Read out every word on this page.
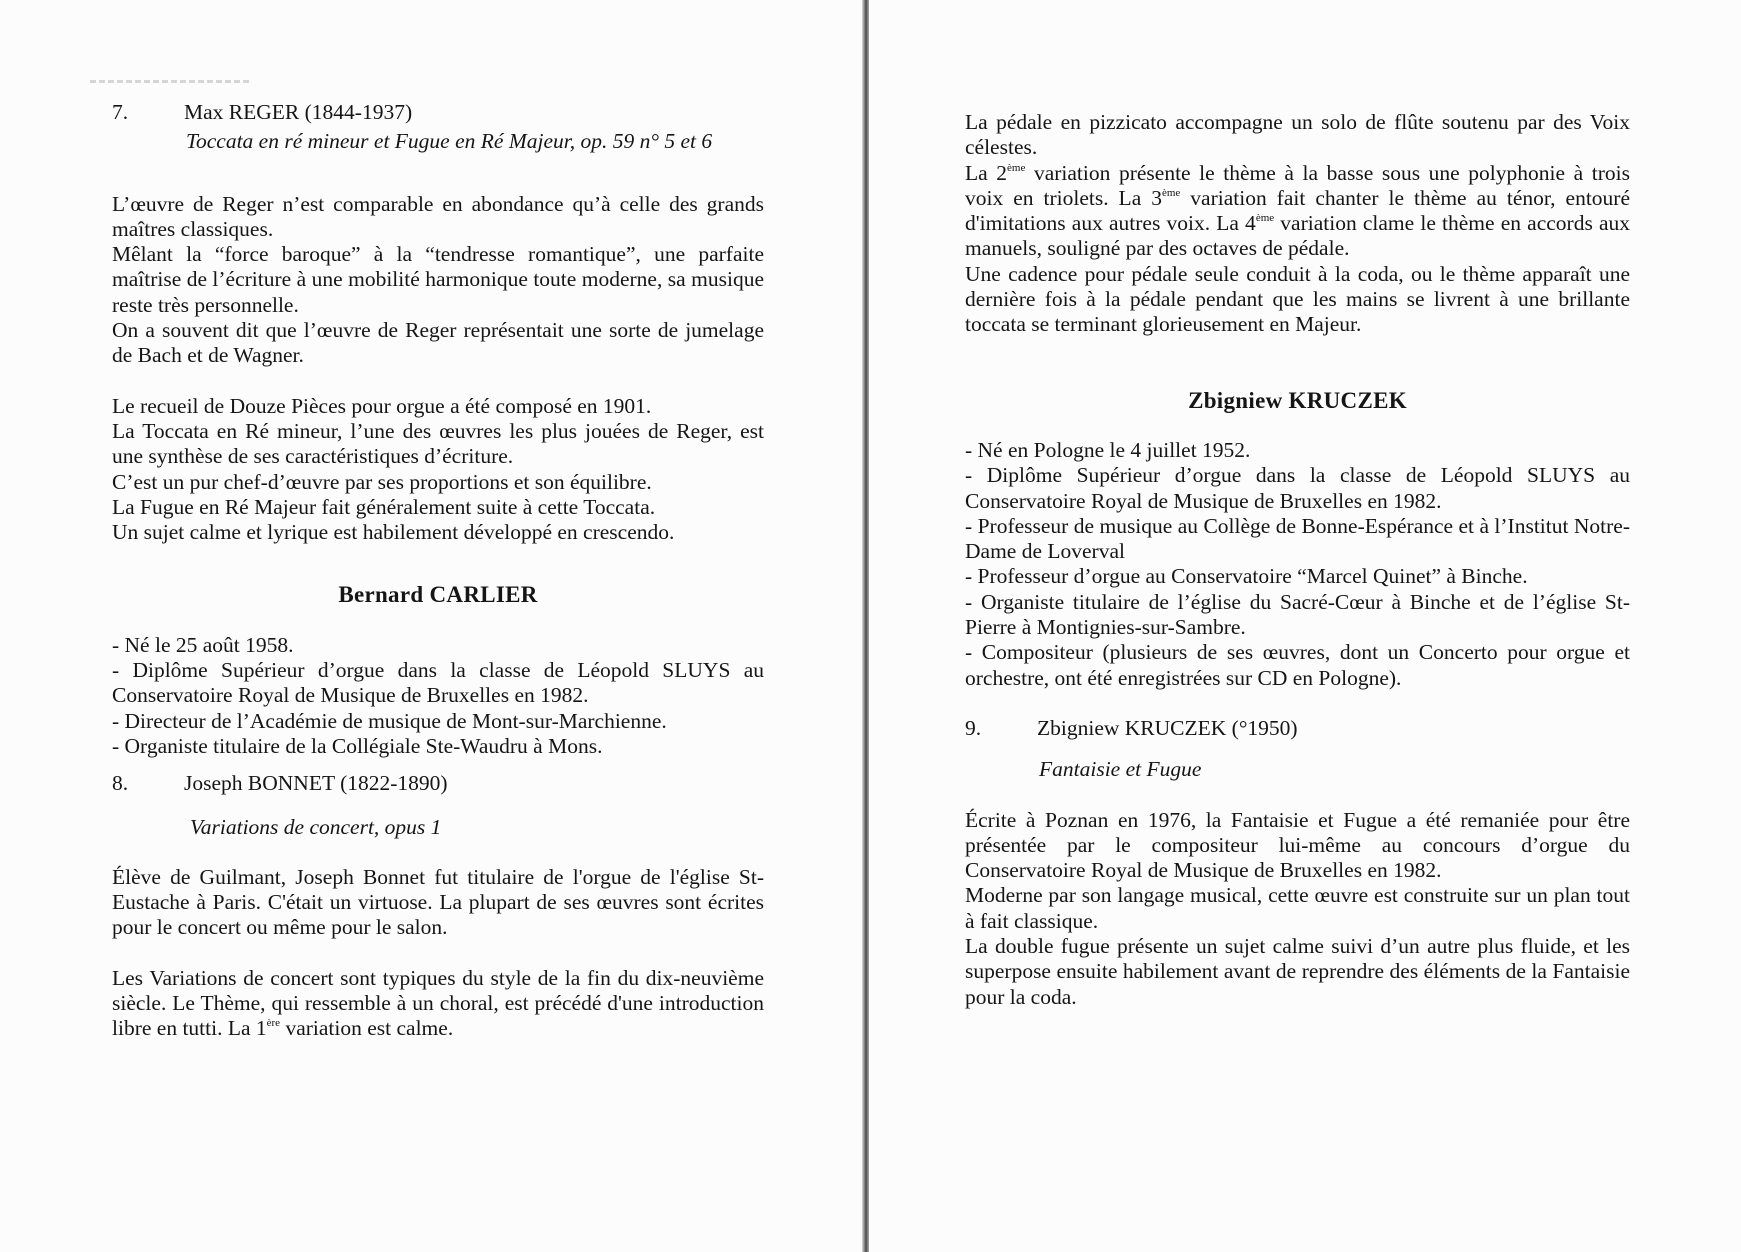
7.	Max REGER (1844-1937)
Toccata en ré mineur et Fugue en Ré Majeur, op. 59 n° 5 et 6

L’œuvre de Reger n’est comparable en abondance qu’à celle des grands maîtres classiques.

Mêlant la “force baroque” à la “tendresse romantique”, une parfaite maîtrise de l’écriture à une mobilité harmonique toute moderne, sa musique reste très personnelle.

On a souvent dit que l’œuvre de Reger représentait une sorte de jumelage de Bach et de Wagner.

Le recueil de Douze Pièces pour orgue a été composé en 1901.

La Toccata en Ré mineur, l’une des œuvres les plus jouées de Reger, est une synthèse de ses caractéristiques d’écriture.

C’est un pur chef-d’œuvre par ses proportions et son équilibre.

La Fugue en Ré Majeur fait généralement suite à cette Toccata.

Un sujet calme et lyrique est habilement développé en crescendo.

Bernard CARLIER

- Né le 25 août 1958.

- Diplôme Supérieur d’orgue dans la classe de Léopold SLUYS au Conservatoire Royal de Musique de Bruxelles en 1982.

- Directeur de l’Académie de musique de Mont-sur-Marchienne.

- Organiste titulaire de la Collégiale Ste-Waudru à Mons.

8.	Joseph BONNET (1822-1890)
Variations de concert, opus 1

Élève de Guilmant, Joseph Bonnet fut titulaire de l'orgue de l'église St-Eustache à Paris. C'était un virtuose. La plupart de ses œuvres sont écrites pour le concert ou même pour le salon.

Les Variations de concert sont typiques du style de la fin du dix-neuvième siècle. Le Thème, qui ressemble à un choral, est précédé d'une introduction libre en tutti. La 1ère variation est calme.

La pédale en pizzicato accompagne un solo de flûte soutenu par des Voix célestes.

La 2ème variation présente le thème à la basse sous une polyphonie à trois voix en triolets. La 3ème variation fait chanter le thème au ténor, entouré d'imitations aux autres voix. La 4ème variation clame le thème en accords aux manuels, souligné par des octaves de pédale.

Une cadence pour pédale seule conduit à la coda, ou le thème apparaît une dernière fois à la pédale pendant que les mains se livrent à une brillante toccata se terminant glorieusement en Majeur.

Zbigniew KRUCZEK

- Né en Pologne le 4 juillet 1952.

- Diplôme Supérieur d’orgue dans la classe de Léopold SLUYS au Conservatoire Royal de Musique de Bruxelles en 1982.

- Professeur de musique au Collège de Bonne-Espérance et à l’Institut Notre-Dame de Loverval

- Professeur d’orgue au Conservatoire “Marcel Quinet” à Binche.

- Organiste titulaire de l’église du Sacré-Cœur à Binche et de l’église St-Pierre à Montignies-sur-Sambre.

- Compositeur (plusieurs de ses œuvres, dont un Concerto pour orgue et orchestre, ont été enregistrées sur CD en Pologne).

9.	Zbigniew KRUCZEK (°1950)
Fantaisie et Fugue

Écrite à Poznan en 1976, la Fantaisie et Fugue a été remaniée pour être présentée par le compositeur lui-même au concours d’orgue du Conservatoire Royal de Musique de Bruxelles en 1982.

Moderne par son langage musical, cette œuvre est construite sur un plan tout à fait classique.

La double fugue présente un sujet calme suivi d’un autre plus fluide, et les superpose ensuite habilement avant de reprendre des éléments de la Fantaisie pour la coda.
